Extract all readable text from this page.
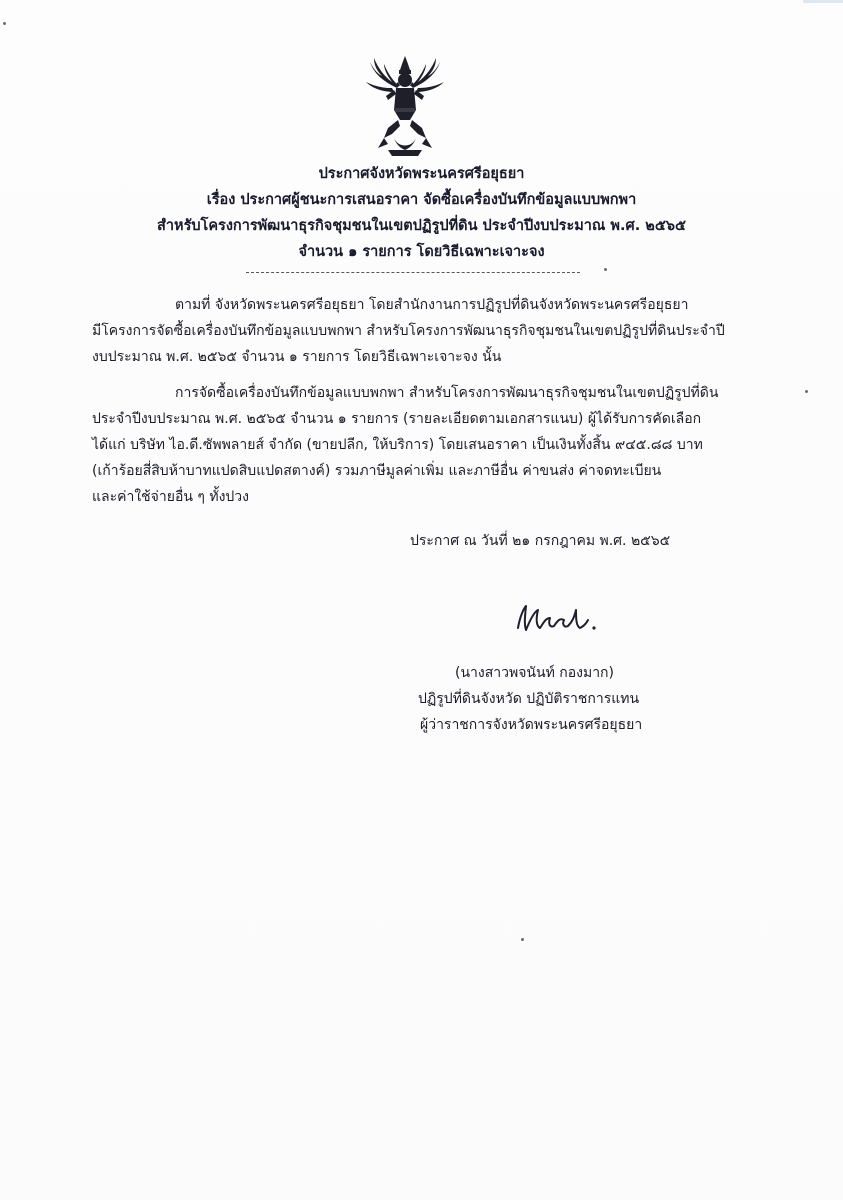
ประกาศจังหวัดพระนครศรีอยุธยา
เรื่อง ประกาศผู้ชนะการเสนอราคา จัดซื้อเครื่องบันทึกข้อมูลแบบพกพา
สำหรับโครงการพัฒนาธุรกิจชุมชนในเขตปฏิรูปที่ดิน ประจำปีงบประมาณ พ.ศ. ๒๕๖๕
จำนวน ๑ รายการ โดยวิธีเฉพาะเจาะจง
ตามที่ จังหวัดพระนครศรีอยุธยา โดยสำนักงานการปฏิรูปที่ดินจังหวัดพระนครศรีอยุธยา
มีโครงการจัดซื้อเครื่องบันทึกข้อมูลแบบพกพา สำหรับโครงการพัฒนาธุรกิจชุมชนในเขตปฏิรูปที่ดินประจำปี
งบประมาณ พ.ศ. ๒๕๖๕ จำนวน ๑ รายการ โดยวิธีเฉพาะเจาะจง นั้น
การจัดซื้อเครื่องบันทึกข้อมูลแบบพกพา สำหรับโครงการพัฒนาธุรกิจชุมชนในเขตปฏิรูปที่ดิน
ประจำปีงบประมาณ พ.ศ. ๒๕๖๕ จำนวน ๑ รายการ (รายละเอียดตามเอกสารแนบ) ผู้ได้รับการคัดเลือก
ได้แก่ บริษัท ไอ.ดี.ซัพพลายส์ จำกัด (ขายปลีก, ให้บริการ) โดยเสนอราคา เป็นเงินทั้งสิ้น ๙๔๕.๘๘ บาท
(เก้าร้อยสี่สิบห้าบาทแปดสิบแปดสตางค์) รวมภาษีมูลค่าเพิ่ม และภาษีอื่น ค่าขนส่ง ค่าจดทะเบียน
และค่าใช้จ่ายอื่น ๆ ทั้งปวง
ประกาศ ณ วันที่ ๒๑ กรกฎาคม พ.ศ. ๒๕๖๕
(นางสาวพจนันท์ กองมาก)
ปฏิรูปที่ดินจังหวัด ปฏิบัติราชการแทน
ผู้ว่าราชการจังหวัดพระนครศรีอยุธยา
